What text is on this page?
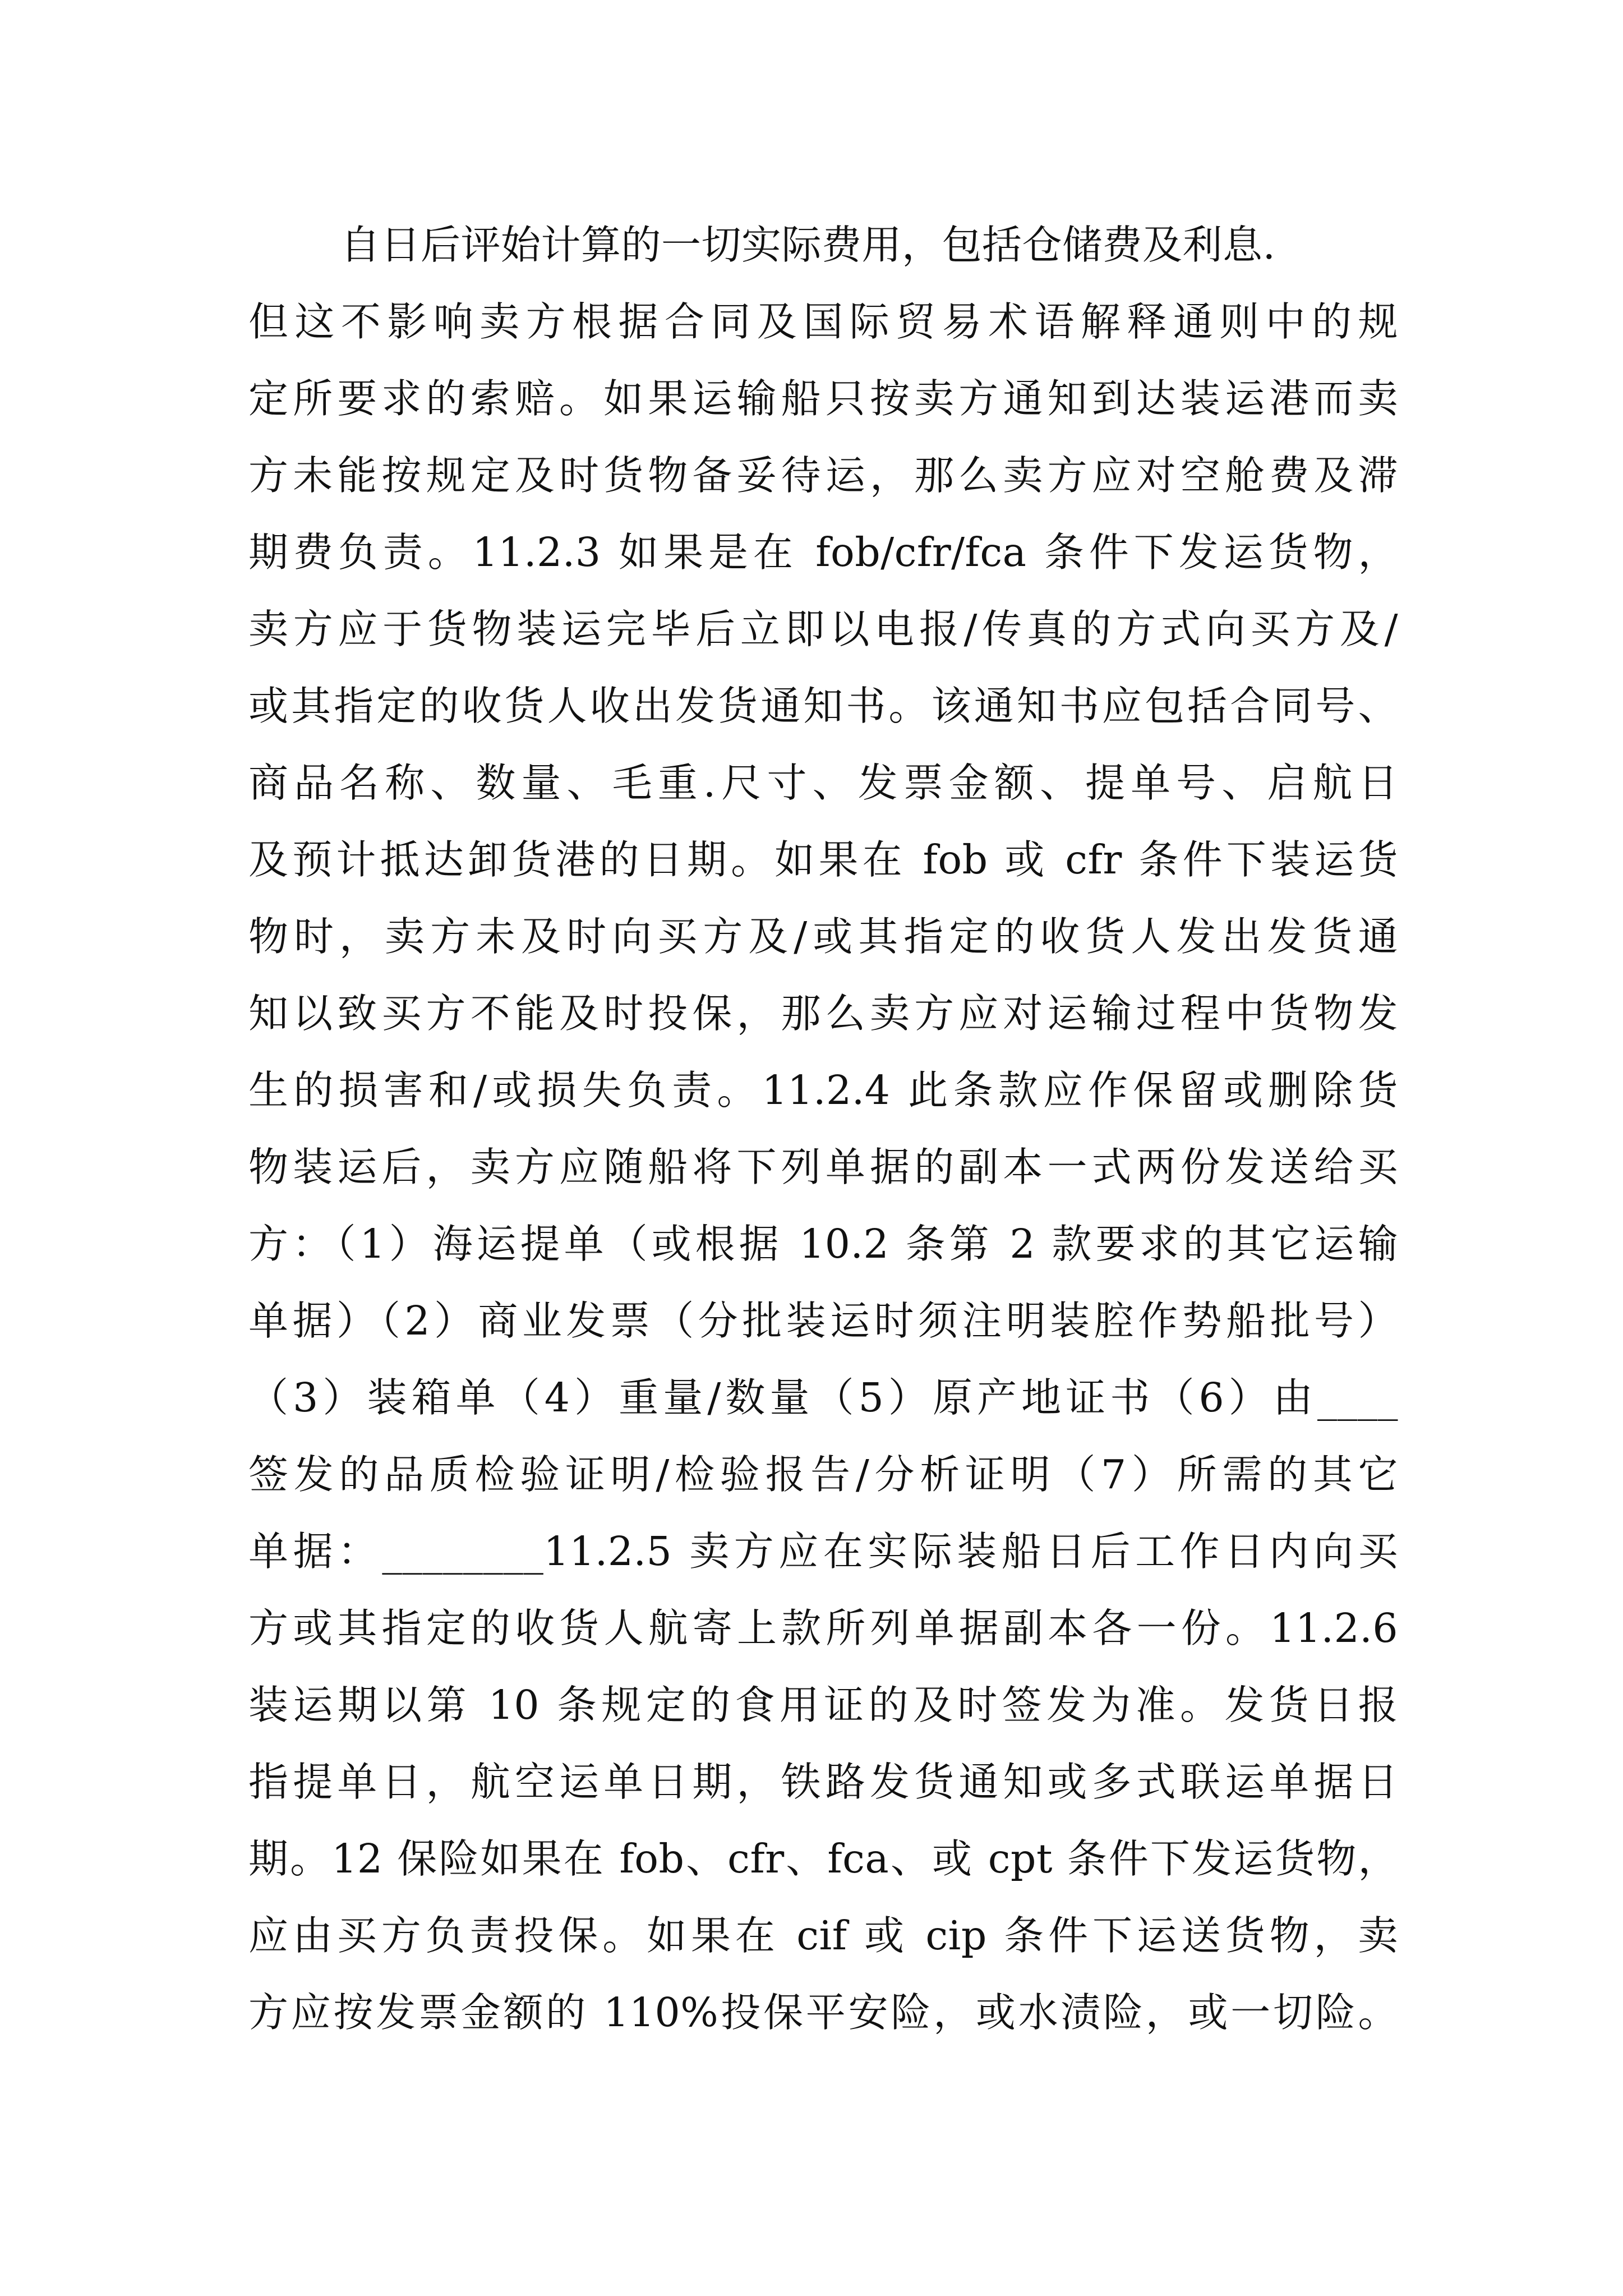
自日后评始计算的一切实际费用，包括仓储费及利息.
但这不影响卖方根据合同及国际贸易术语解释通则中的规
定所要求的索赔。如果运输船只按卖方通知到达装运港而卖
方未能按规定及时货物备妥待运，那么卖方应对空舱费及滞
期费负责。11.2.3 如果是在 fob/cfr/fca 条件下发运货物，
卖方应于货物装运完毕后立即以电报/传真的方式向买方及/
或其指定的收货人收出发货通知书。该通知书应包括合同号、
商品名称、数量、毛重.尺寸、发票金额、提单号、启航日
及预计抵达卸货港的日期。如果在 fob 或 cfr 条件下装运货
物时，卖方未及时向买方及/或其指定的收货人发出发货通
知以致买方不能及时投保，那么卖方应对运输过程中货物发
生的损害和/或损失负责。11.2.4 此条款应作保留或删除货
物装运后，卖方应随船将下列单据的副本一式两份发送给买
方：（1）海运提单（或根据 10.2 条第 2 款要求的其它运输
单据）（2）商业发票（分批装运时须注明装腔作势船批号）
（3）装箱单（4）重量/数量（5）原产地证书（6）由____
签发的品质检验证明/检验报告/分析证明（7）所需的其它
单据：________11.2.5 卖方应在实际装船日后工作日内向买
方或其指定的收货人航寄上款所列单据副本各一份。11.2.6
装运期以第 10 条规定的食用证的及时签发为准。发货日报
指提单日，航空运单日期，铁路发货通知或多式联运单据日
期。12 保险如果在 fob、cfr、fca、或 cpt 条件下发运货物，
应由买方负责投保。如果在 cif 或 cip 条件下运送货物，卖
方应按发票金额的 110%投保平安险，或水渍险，或一切险。
